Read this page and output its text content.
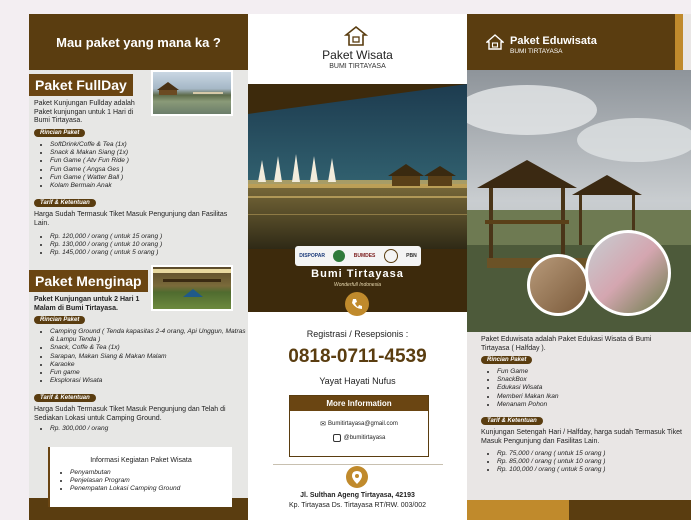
Mau paket yang mana ka ?
Paket FullDay
Paket Kunjungan Fullday adalah Paket kunjungan untuk 1 Hari di Bumi Tirtayasa.
Rincian Paket
• SoftDrink/Coffe & Tea (1x)
• Snack & Makan Siang (1x)
• Fun Game ( Atv Fun Ride )
• Fun Game ( Angsa Ges )
• Fun Game ( Watter Ball )
• Kolam Bermain Anak
Tarif & Ketentuan
Harga Sudah Termasuk Tiket Masuk Pengunjung dan Fasilitas Lain.
• Rp. 120,000 / orang ( untuk 15 orang )
• Rp. 130,000 / orang ( untuk 10 orang )
• Rp. 145,000 / orang ( untuk 5 orang )
Paket Menginap
Paket Kunjungan untuk 2 Hari 1 Malam di Bumi Tirtayasa.
Rincian Paket
• Camping Ground ( Tenda kapasitas 2-4 orang, Api Unggun, Matras & Lampu Tenda )
• Snack, Coffe & Tea (1x)
• Sarapan, Makan Siang & Makan Malam
• Karaoke
• Fun game
• Eksplorasi Wisata
Tarif & Ketentuan
Harga Sudah Termasuk Tiket Masuk Pengunjung dan Telah di Sediakan Lokasi untuk Camping Ground.
• Rp. 300,000 / orang
Informasi Kegiatan Paket Wisata
• Penyambutan
• Penjelasan Program
• Penempatan Lokasi Camping Ground
Paket Wisata
BUMI TIRTAYASA
DISPOPAR	BUMDES	PBN
Bumi Tirtayasa
Wonderfull Indonesia
Registrasi / Resepsionis :
0818-0711-4539
Yayat Hayati Nufus
More Information
✉ Bumitirtayasa@gmail.com
@bumitirtayasa
Jl. Sulthan Ageng Tirtayasa, 42193
Kp. Tirtayasa Ds. Tirtayasa RT/RW. 003/002
Paket Eduwisata
BUMI TIRTAYASA
Paket Eduwisata adalah Paket Edukasi Wisata di Bumi Tirtayasa ( Halfday ).
Rincian Paket
• Fun Game
• SnackBox
• Edukasi Wisata
• Memberi Makan Ikan
• Menanam Pohon
Tarif & Ketentuan
Kunjungan Setengah Hari / Halfday, harga sudah Termasuk Tiket Masuk Pengunjung dan Fasilitas Lain.
• Rp. 75,000 / orang ( untuk 15 orang )
• Rp. 85,000 / orang ( untuk 10 orang )
• Rp. 100,000 / orang ( untuk 5 orang )
